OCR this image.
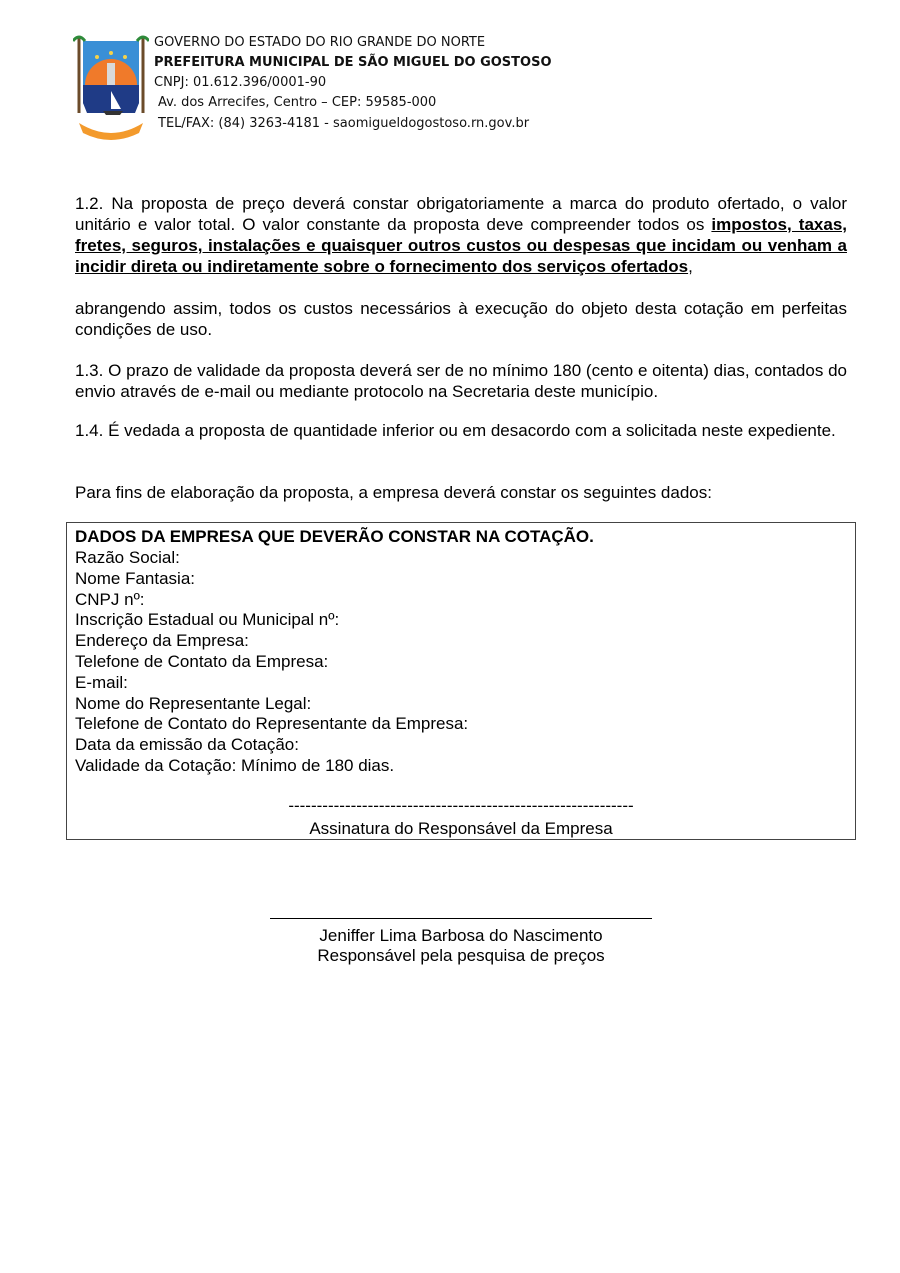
GOVERNO DO ESTADO DO RIO GRANDE DO NORTE
PREFEITURA MUNICIPAL DE SÃO MIGUEL DO GOSTOSO
CNPJ: 01.612.396/0001-90
Av. dos Arrecifes, Centro – CEP: 59585-000
TEL/FAX: (84) 3263-4181 - saomigueldogostoso.rn.gov.br
1.2. Na proposta de preço deverá constar obrigatoriamente a marca do produto ofertado, o valor unitário e valor total. O valor constante da proposta deve compreender todos os impostos, taxas, fretes, seguros, instalações e quaisquer outros custos ou despesas que incidam ou venham a incidir direta ou indiretamente sobre o fornecimento dos serviços ofertados,
abrangendo assim, todos os custos necessários à execução do objeto desta cotação em perfeitas condições de uso.
1.3. O prazo de validade da proposta deverá ser de no mínimo 180 (cento e oitenta) dias, contados do envio através de e-mail ou mediante protocolo na Secretaria deste município.
1.4. É vedada a proposta de quantidade inferior ou em desacordo com a solicitada neste expediente.
Para fins de elaboração da proposta, a empresa deverá constar os seguintes dados:
DADOS DA EMPRESA QUE DEVERÃO CONSTAR NA COTAÇÃO.
Razão Social:
Nome Fantasia:
CNPJ nº:
Inscrição Estadual ou Municipal nº:
Endereço da Empresa:
Telefone de Contato da Empresa:
E-mail:
Nome do Representante Legal:
Telefone de Contato do Representante da Empresa:
Data da emissão da Cotação:
Validade da Cotação: Mínimo de 180 dias.
-------------------------------------------------------------
Assinatura do Responsável da Empresa
Jeniffer Lima Barbosa do Nascimento
Responsável pela pesquisa de preços
